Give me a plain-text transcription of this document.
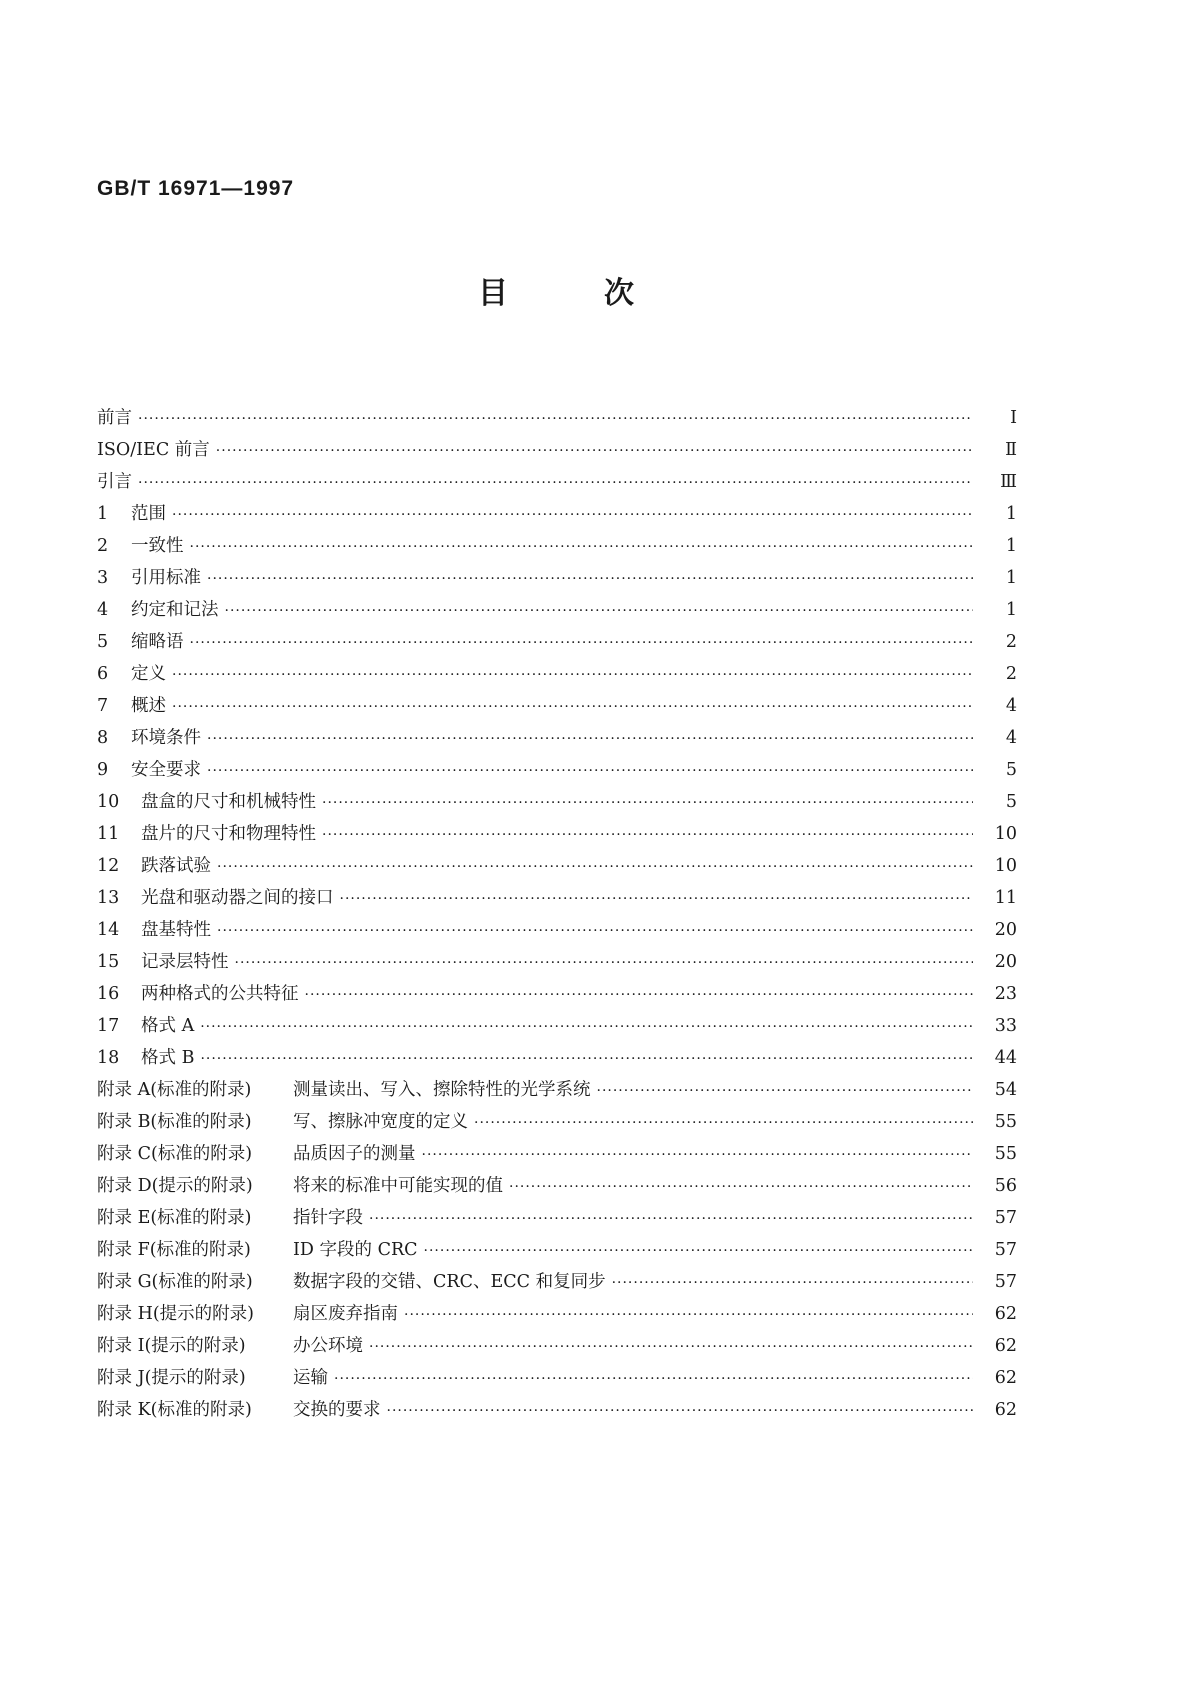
GB/T 16971—1997
目	次
前言 ·····	Ⅰ
ISO/IEC 前言 ·····	Ⅱ
引言 ·····	Ⅲ
1	范围 ·····	1
2	一致性 ·····	1
3	引用标准 ·····	1
4	约定和记法 ·····	1
5	缩略语 ·····	2
6	定义 ·····	2
7	概述 ·····	4
8	环境条件 ·····	4
9	安全要求 ·····	5
10	盘盒的尺寸和机械特性 ·····	5
11	盘片的尺寸和物理特性 ·····	10
12	跌落试验 ·····	10
13	光盘和驱动器之间的接口 ·····	11
14	盘基特性 ·····	20
15	记录层特性 ·····	20
16	两种格式的公共特征 ·····	23
17	格式 A ·····	33
18	格式 B ·····	44
附录 A(标准的附录)	测量读出、写入、擦除特性的光学系统 ·····	54
附录 B(标准的附录)	写、擦脉冲宽度的定义 ·····	55
附录 C(标准的附录)	品质因子的测量 ·····	55
附录 D(提示的附录)	将来的标准中可能实现的值 ·····	56
附录 E(标准的附录)	指针字段 ·····	57
附录 F(标准的附录)	ID 字段的 CRC ·····	57
附录 G(标准的附录)	数据字段的交错、CRC、ECC 和复同步 ·····	57
附录 H(提示的附录)	扇区废弃指南 ·····	62
附录 I(提示的附录)	办公环境 ·····	62
附录 J(提示的附录)	运输 ·····	62
附录 K(标准的附录)	交换的要求 ·····	62
